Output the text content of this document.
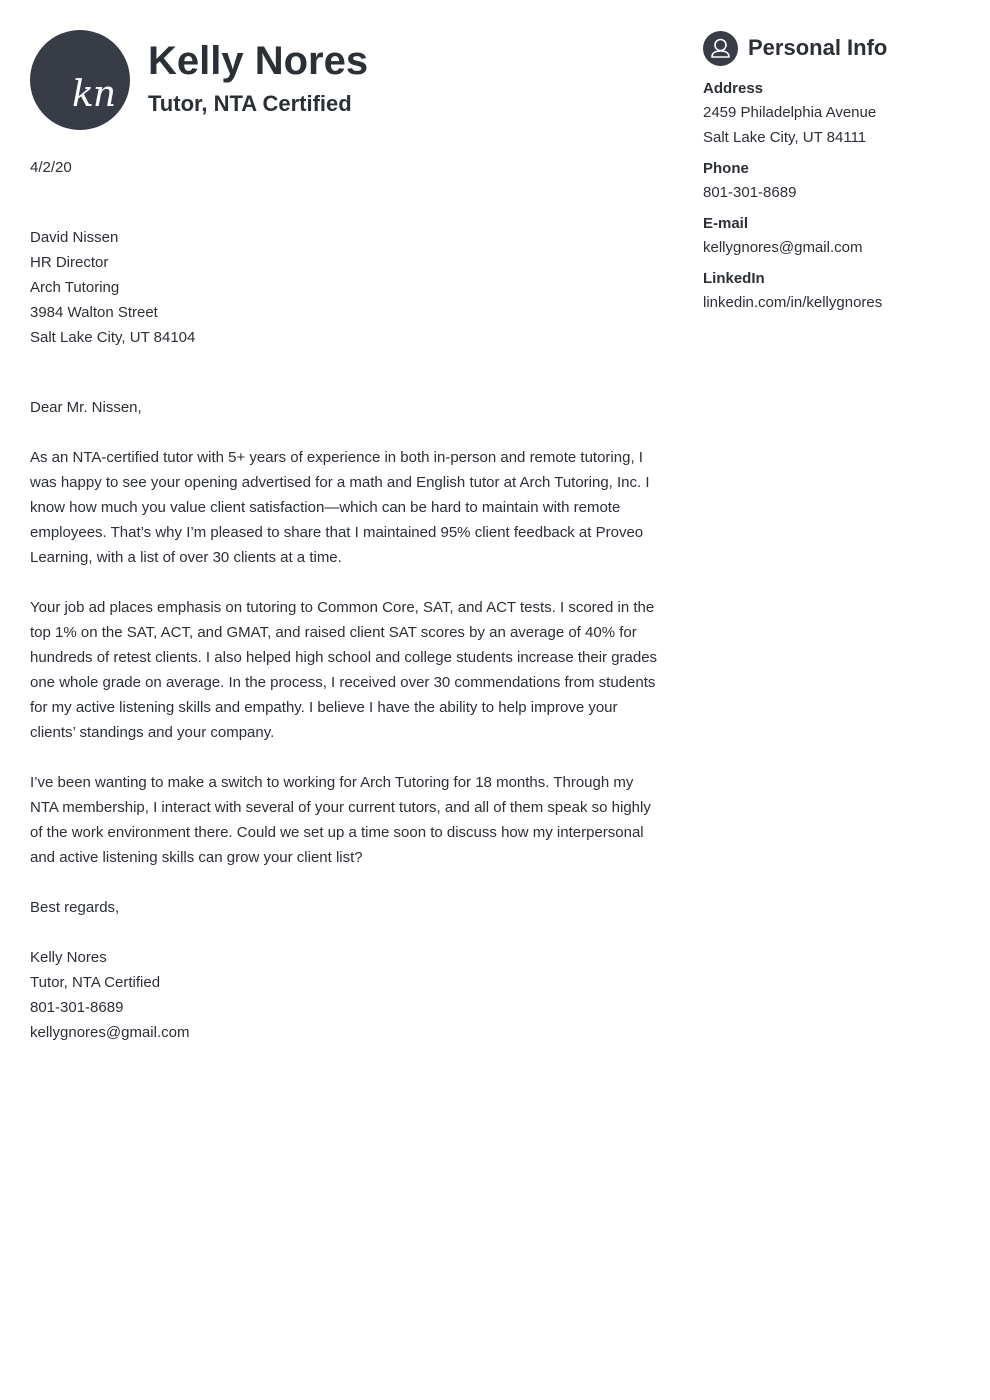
kn
Kelly Nores
Tutor, NTA Certified

4/2/20

David Nissen
HR Director
Arch Tutoring
3984 Walton Street
Salt Lake City, UT 84104

Dear Mr. Nissen,

As an NTA-certified tutor with 5+ years of experience in both in-person and remote tutoring, I was happy to see your opening advertised for a math and English tutor at Arch Tutoring, Inc. I know how much you value client satisfaction—which can be hard to maintain with remote employees. That’s why I’m pleased to share that I maintained 95% client feedback at Proveo Learning, with a list of over 30 clients at a time.

Your job ad places emphasis on tutoring to Common Core, SAT, and ACT tests. I scored in the top 1% on the SAT, ACT, and GMAT, and raised client SAT scores by an average of 40% for hundreds of retest clients. I also helped high school and college students increase their grades one whole grade on average. In the process, I received over 30 commendations from students for my active listening skills and empathy. I believe I have the ability to help improve your clients’ standings and your company.

I’ve been wanting to make a switch to working for Arch Tutoring for 18 months. Through my NTA membership, I interact with several of your current tutors, and all of them speak so highly of the work environment there. Could we set up a time soon to discuss how my interpersonal and active listening skills can grow your client list?

Best regards,

Kelly Nores
Tutor, NTA Certified
801-301-8689
kellygnores@gmail.com
Personal Info
Address
2459 Philadelphia Avenue
Salt Lake City, UT 84111
Phone
801-301-8689
E-mail
kellygnores@gmail.com
LinkedIn
linkedin.com/in/kellygnores
